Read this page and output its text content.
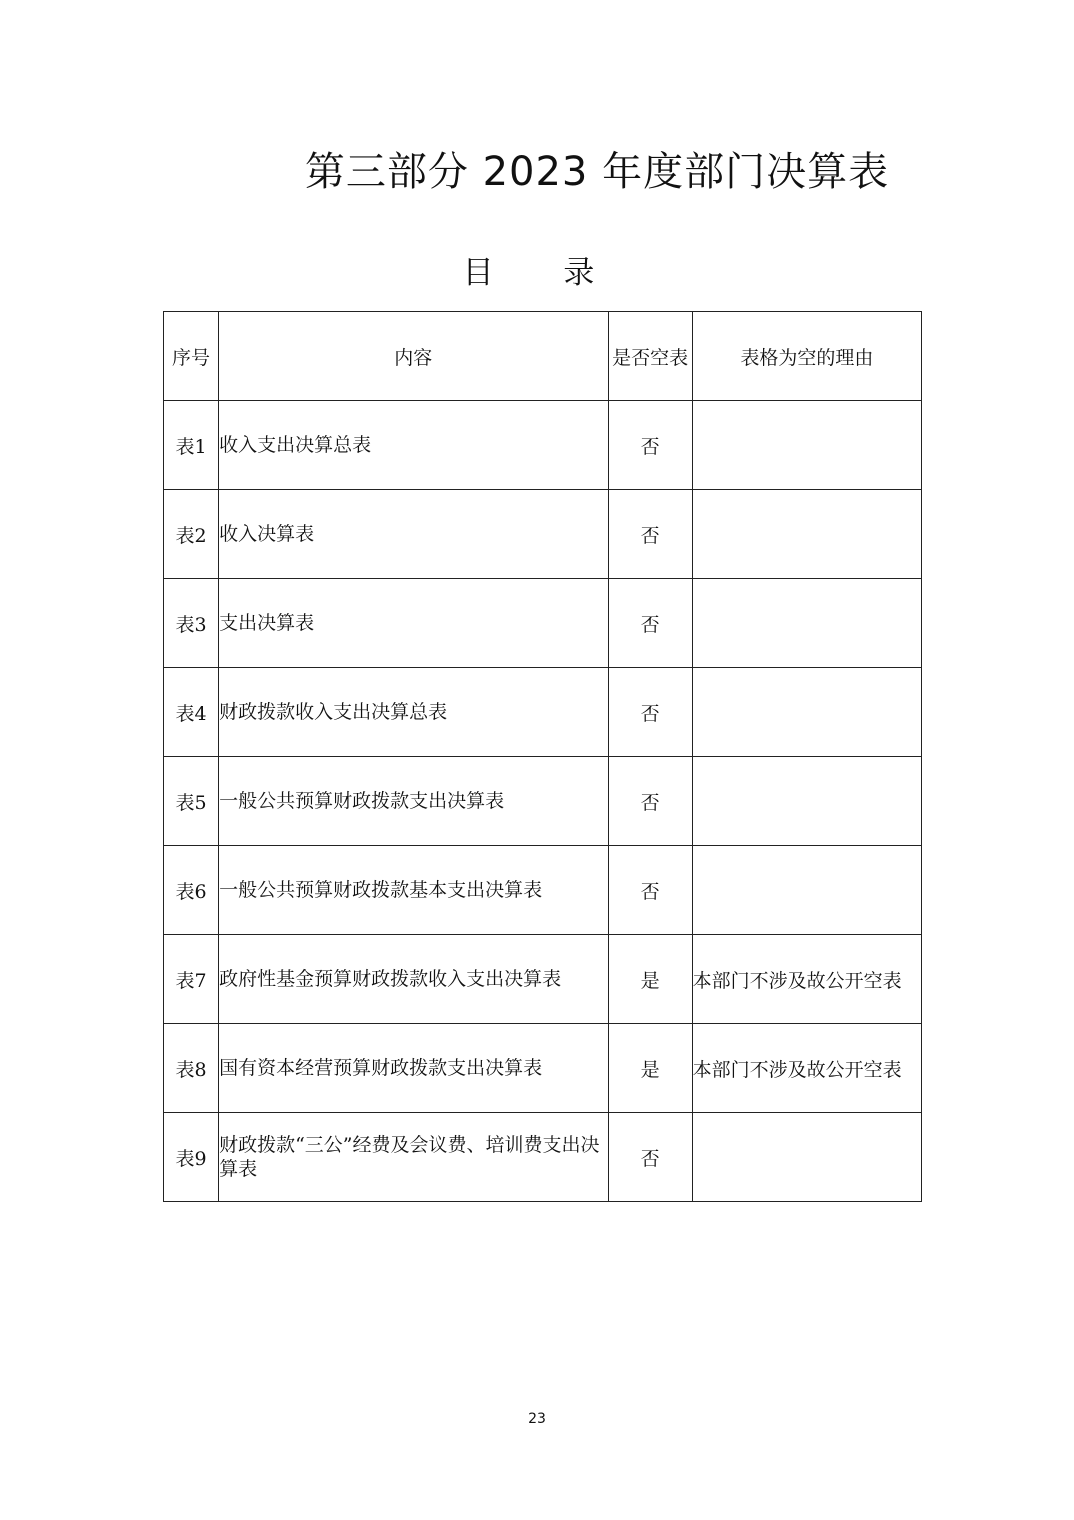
第三部分 2023 年度部门决算表
目 录
序号	内容	是否空表	表格为空的理由
表1	收入支出决算总表	否	
表2	收入决算表	否	
表3	支出决算表	否	
表4	财政拨款收入支出决算总表	否	
表5	一般公共预算财政拨款支出决算表	否	
表6	一般公共预算财政拨款基本支出决算表	否	
表7	政府性基金预算财政拨款收入支出决算表	是	本部门不涉及故公开空表
表8	国有资本经营预算财政拨款支出决算表	是	本部门不涉及故公开空表
表9	财政拨款“三公”经费及会议费、培训费支出决算表	否	
23
